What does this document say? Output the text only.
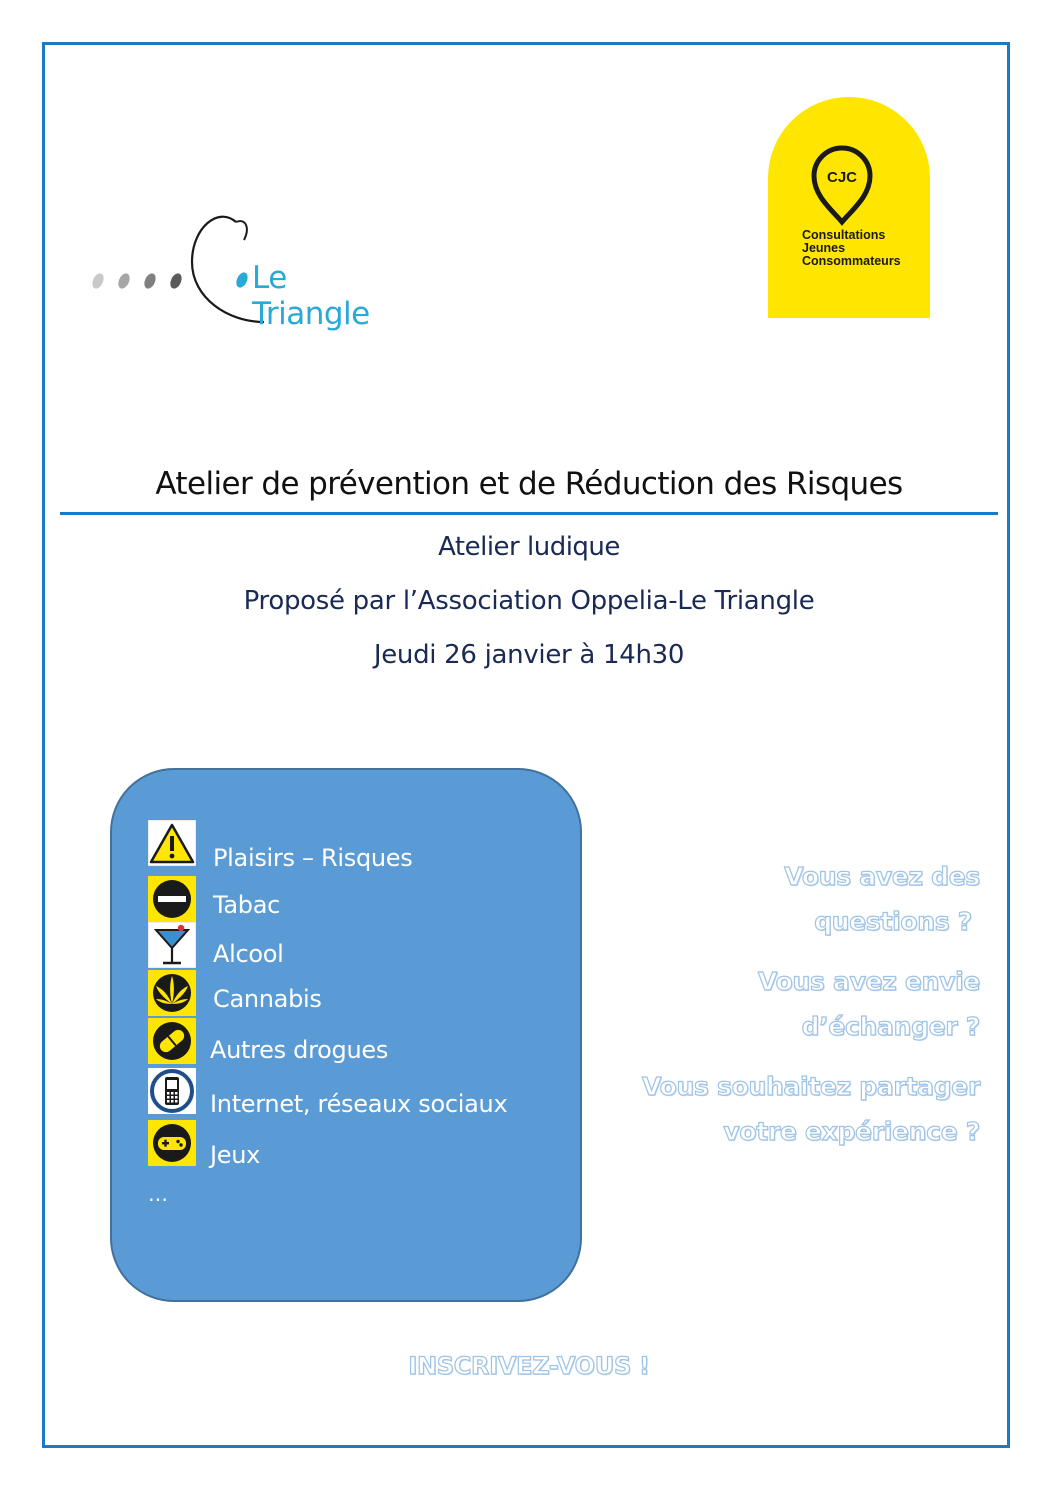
Le Triangle
CJC
Consultations
Jeunes
Consommateurs
Atelier de prévention et de Réduction des Risques
Atelier ludique
Proposé par l’Association Oppelia-Le Triangle
Jeudi 26 janvier à 14h30
Plaisirs – Risques
Tabac
Alcool
Cannabis
Autres drogues
Internet, réseaux sociaux
Jeux
…
Vous avez des
questions ?
Vous avez envie
d’échanger ?
Vous souhaitez partager
votre expérience ?
INSCRIVEZ-VOUS !
